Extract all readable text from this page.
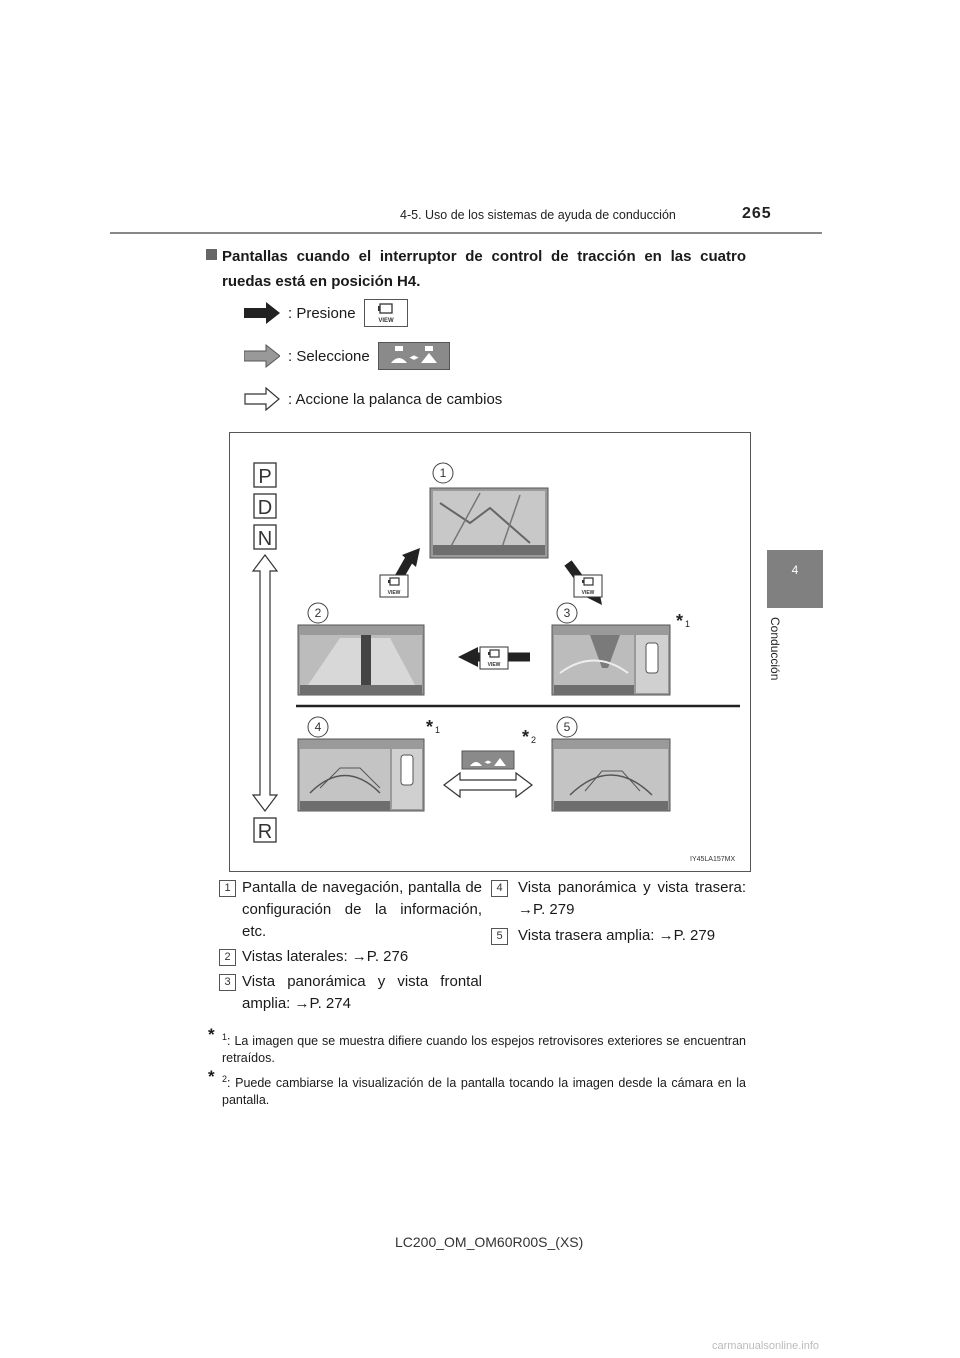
4-5. Uso de los sistemas de ayuda de conducción	265
4
Conducción
Pantallas cuando el interruptor de control de tracción en las cuatro ruedas está en posición H4.
: Presione	VIEW
: Seleccione	◂▸
: Accione la palanca de cambios
VIEW
P
D
N
R
1
2	3	* 1
4	* 1	* 2
◂▸
5
IY45LA157MX
1 Pantalla de navegación, pantalla de configuración de la información, etc.
2 Vistas laterales: →P. 276
3 Vista panorámica y vista frontal amplia: →P. 274
4	Vista panorámica y vista trasera: →P. 279
5	Vista trasera amplia: →P. 279
* $^1$: La imagen que se muestra difiere cuando los espejos retrovisores exteriores se encuentran retraídos.
* $^2$: Puede cambiarse la visualización de la pantalla tocando la imagen desde la cámara en la pantalla.
LC200_OM_OM60R00S_(XS)
carmanualsonline.info
